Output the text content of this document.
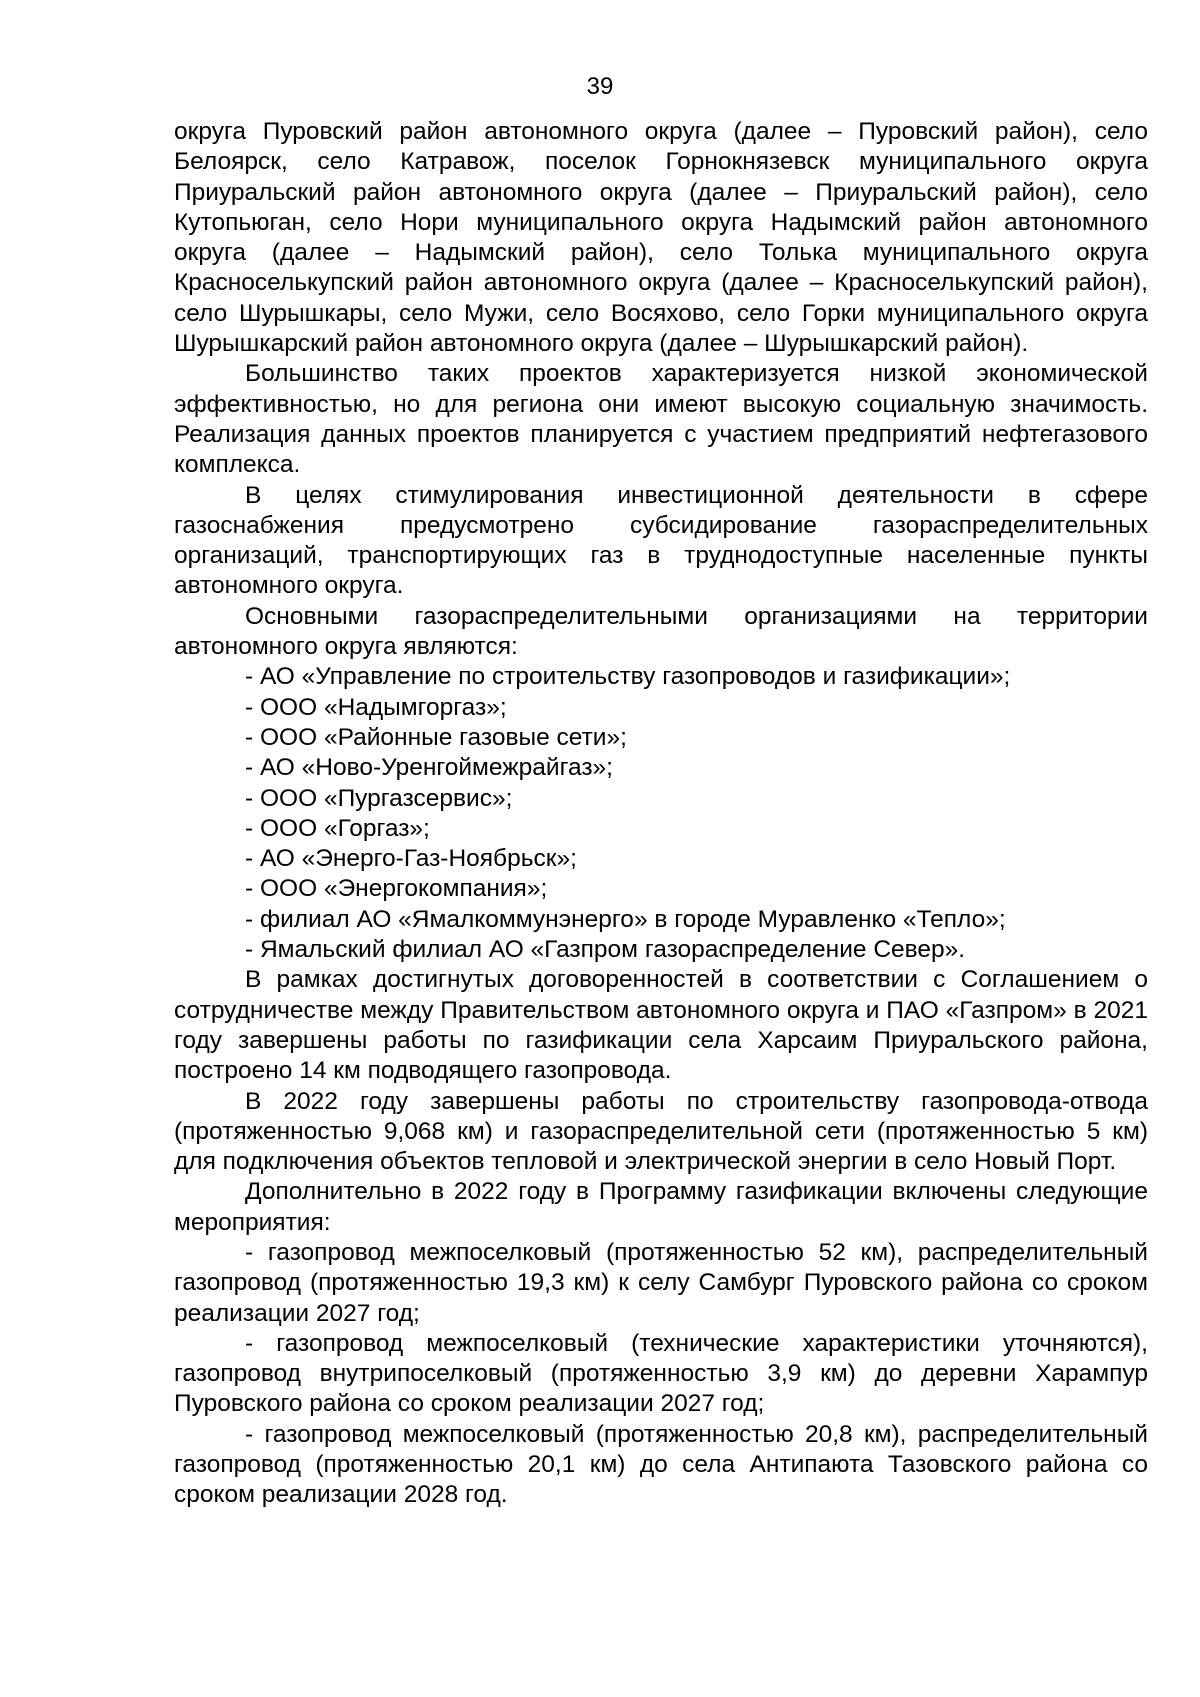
39

округа Пуровский район автономного округа (далее – Пуровский район), село Белоярск, село Катравож, поселок Горнокнязевск муниципального округа Приуральский район автономного округа (далее – Приуральский район), село Кутопьюган, село Нори муниципального округа Надымский район автономного округа (далее – Надымский район), село Толька муниципального округа Красноселькупский район автономного округа (далее – Красноселькупский район), село Шурышкары, село Мужи, село Восяхово, село Горки муниципального округа Шурышкарский район автономного округа (далее – Шурышкарский район).

Большинство таких проектов характеризуется низкой экономической эффективностью, но для региона они имеют высокую социальную значимость. Реализация данных проектов планируется с участием предприятий нефтегазового комплекса.

В целях стимулирования инвестиционной деятельности в сфере газоснабжения предусмотрено субсидирование газораспределительных организаций, транспортирующих газ в труднодоступные населенные пункты автономного округа.

Основными газораспределительными организациями на территории автономного округа являются:

- АО «Управление по строительству газопроводов и газификации»;

- ООО «Надымгоргаз»;

- ООО «Районные газовые сети»;

- АО «Ново-Уренгоймежрайгаз»;

- ООО «Пургазсервис»;

- ООО «Горгаз»;

- АО «Энерго-Газ-Ноябрьск»;

- ООО «Энергокомпания»;

- филиал АО «Ямалкоммунэнерго» в городе Муравленко «Тепло»;

- Ямальский филиал АО «Газпром газораспределение Север».

В рамках достигнутых договоренностей в соответствии с Соглашением о сотрудничестве между Правительством автономного округа и ПАО «Газпром» в 2021 году завершены работы по газификации села Харсаим Приуральского района, построено 14 км подводящего газопровода.

В 2022 году завершены работы по строительству газопровода-отвода (протяженностью 9,068 км) и газораспределительной сети (протяженностью 5 км) для подключения объектов тепловой и электрической энергии в село Новый Порт.

Дополнительно в 2022 году в Программу газификации включены следующие мероприятия:

- газопровод межпоселковый (протяженностью 52 км), распределительный газопровод (протяженностью 19,3 км) к селу Самбург Пуровского района со сроком реализации 2027 год;

- газопровод межпоселковый (технические характеристики уточняются), газопровод внутрипоселковый (протяженностью 3,9 км) до деревни Харампур Пуровского района со сроком реализации 2027 год;

- газопровод межпоселковый (протяженностью 20,8 км), распределительный газопровод (протяженностью 20,1 км) до села Антипаюта Тазовского района со сроком реализации 2028 год.
